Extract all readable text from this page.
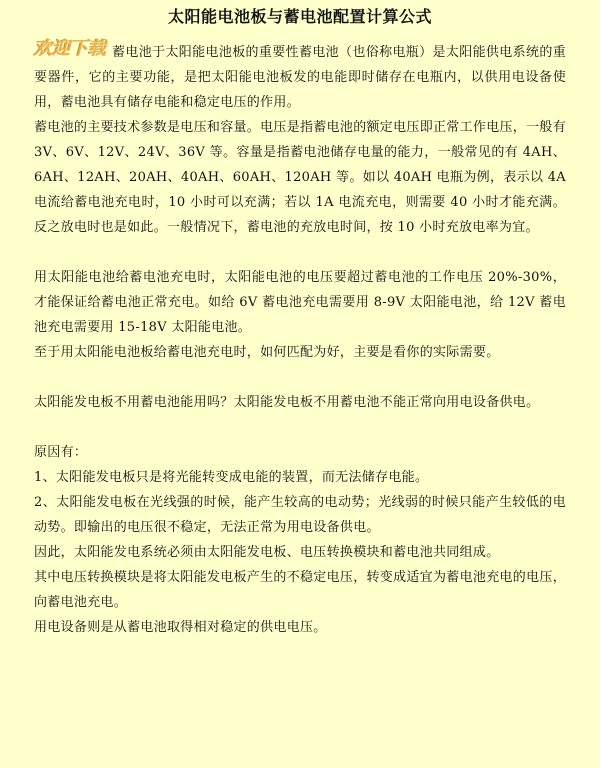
太阳能电池板与蓄电池配置计算公式
欢迎下载 蓄电池于太阳能电池板的重要性蓄电池（也俗称电瓶）是太阳能供电系统的重要器件，它的主要功能，是把太阳能电池板发的电能即时储存在电瓶内，以供用电设备使用，蓄电池具有储存电能和稳定电压的作用。

蓄电池的主要技术参数是电压和容量。电压是指蓄电池的额定电压即正常工作电压，一般有 3V、6V、12V、24V、36V 等。容量是指蓄电池储存电量的能力，一般常见的有 4AH、6AH、12AH、20AH、40AH、60AH、120AH 等。如以 40AH 电瓶为例，表示以 4A 电流给蓄电池充电时，10 小时可以充满；若以 1A 电流充电，则需要 40 小时才能充满。反之放电时也是如此。一般情况下，蓄电池的充放电时间，按 10 小时充放电率为宜。

用太阳能电池给蓄电池充电时，太阳能电池的电压要超过蓄电池的工作电压 20%-30%，才能保证给蓄电池正常充电。如给 6V 蓄电池充电需要用 8-9V 太阳能电池，给 12V 蓄电池充电需要用 15-18V 太阳能电池。

至于用太阳能电池板给蓄电池充电时，如何匹配为好，主要是看你的实际需要。

太阳能发电板不用蓄电池能用吗？太阳能发电板不用蓄电池不能正常向用电设备供电。

原因有：

1、太阳能发电板只是将光能转变成电能的装置，而无法储存电能。

2、太阳能发电板在光线强的时候，能产生较高的电动势；光线弱的时候只能产生较低的电动势。即输出的电压很不稳定，无法正常为用电设备供电。

因此，太阳能发电系统必须由太阳能发电板、电压转换模块和蓄电池共同组成。

其中电压转换模块是将太阳能发电板产生的不稳定电压，转变成适宜为蓄电池充电的电压，向蓄电池充电。

用电设备则是从蓄电池取得相对稳定的供电电压。
